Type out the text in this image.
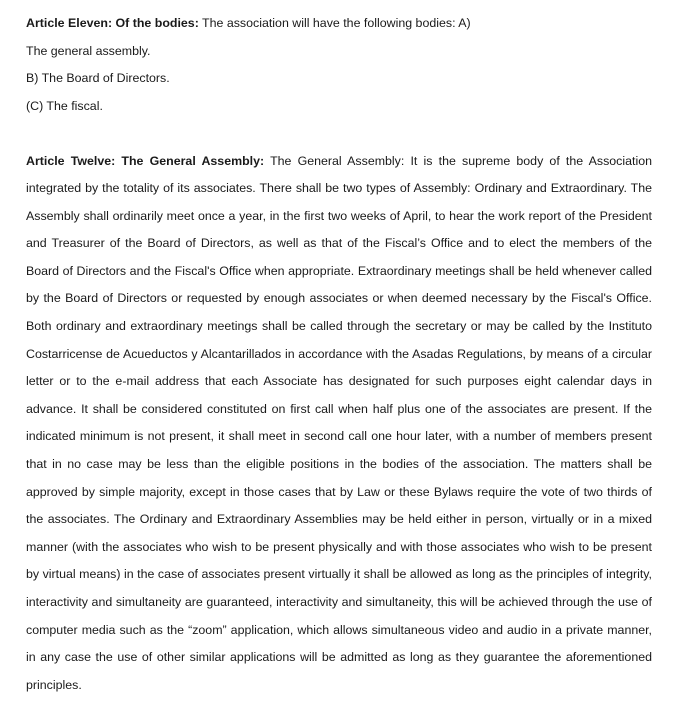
Article Eleven: Of the bodies: The association will have the following bodies: A)

The general assembly.

B) The Board of Directors.

(C) The fiscal.

Article Twelve: The General Assembly: The General Assembly: It is the supreme body of the Association integrated by the totality of its associates. There shall be two types of Assembly: Ordinary and Extraordinary. The Assembly shall ordinarily meet once a year, in the first two weeks of April, to hear the work report of the President and Treasurer of the Board of Directors, as well as that of the Fiscal’s Office and to elect the members of the Board of Directors and the Fiscal's Office when appropriate. Extraordinary meetings shall be held whenever called by the Board of Directors or requested by enough associates or when deemed necessary by the Fiscal's Office. Both ordinary and extraordinary meetings shall be called through the secretary or may be called by the Instituto Costarricense de Acueductos y Alcantarillados in accordance with the Asadas Regulations, by means of a circular letter or to the e-mail address that each Associate has designated for such purposes eight calendar days in advance. It shall be considered constituted on first call when half plus one of the associates are present. If the indicated minimum is not present, it shall meet in second call one hour later, with a number of members present that in no case may be less than the eligible positions in the bodies of the association. The matters shall be approved by simple majority, except in those cases that by Law or these Bylaws require the vote of two thirds of the associates. The Ordinary and Extraordinary Assemblies may be held either in person, virtually or in a mixed manner (with the associates who wish to be present physically and with those associates who wish to be present by virtual means) in the case of associates present virtually it shall be allowed as long as the principles of integrity, interactivity and simultaneity are guaranteed, interactivity and simultaneity, this will be achieved through the use of computer media such as the “zoom” application, which allows simultaneous video and audio in a private manner, in any case the use of other similar applications will be admitted as long as they guarantee the aforementioned principles.
